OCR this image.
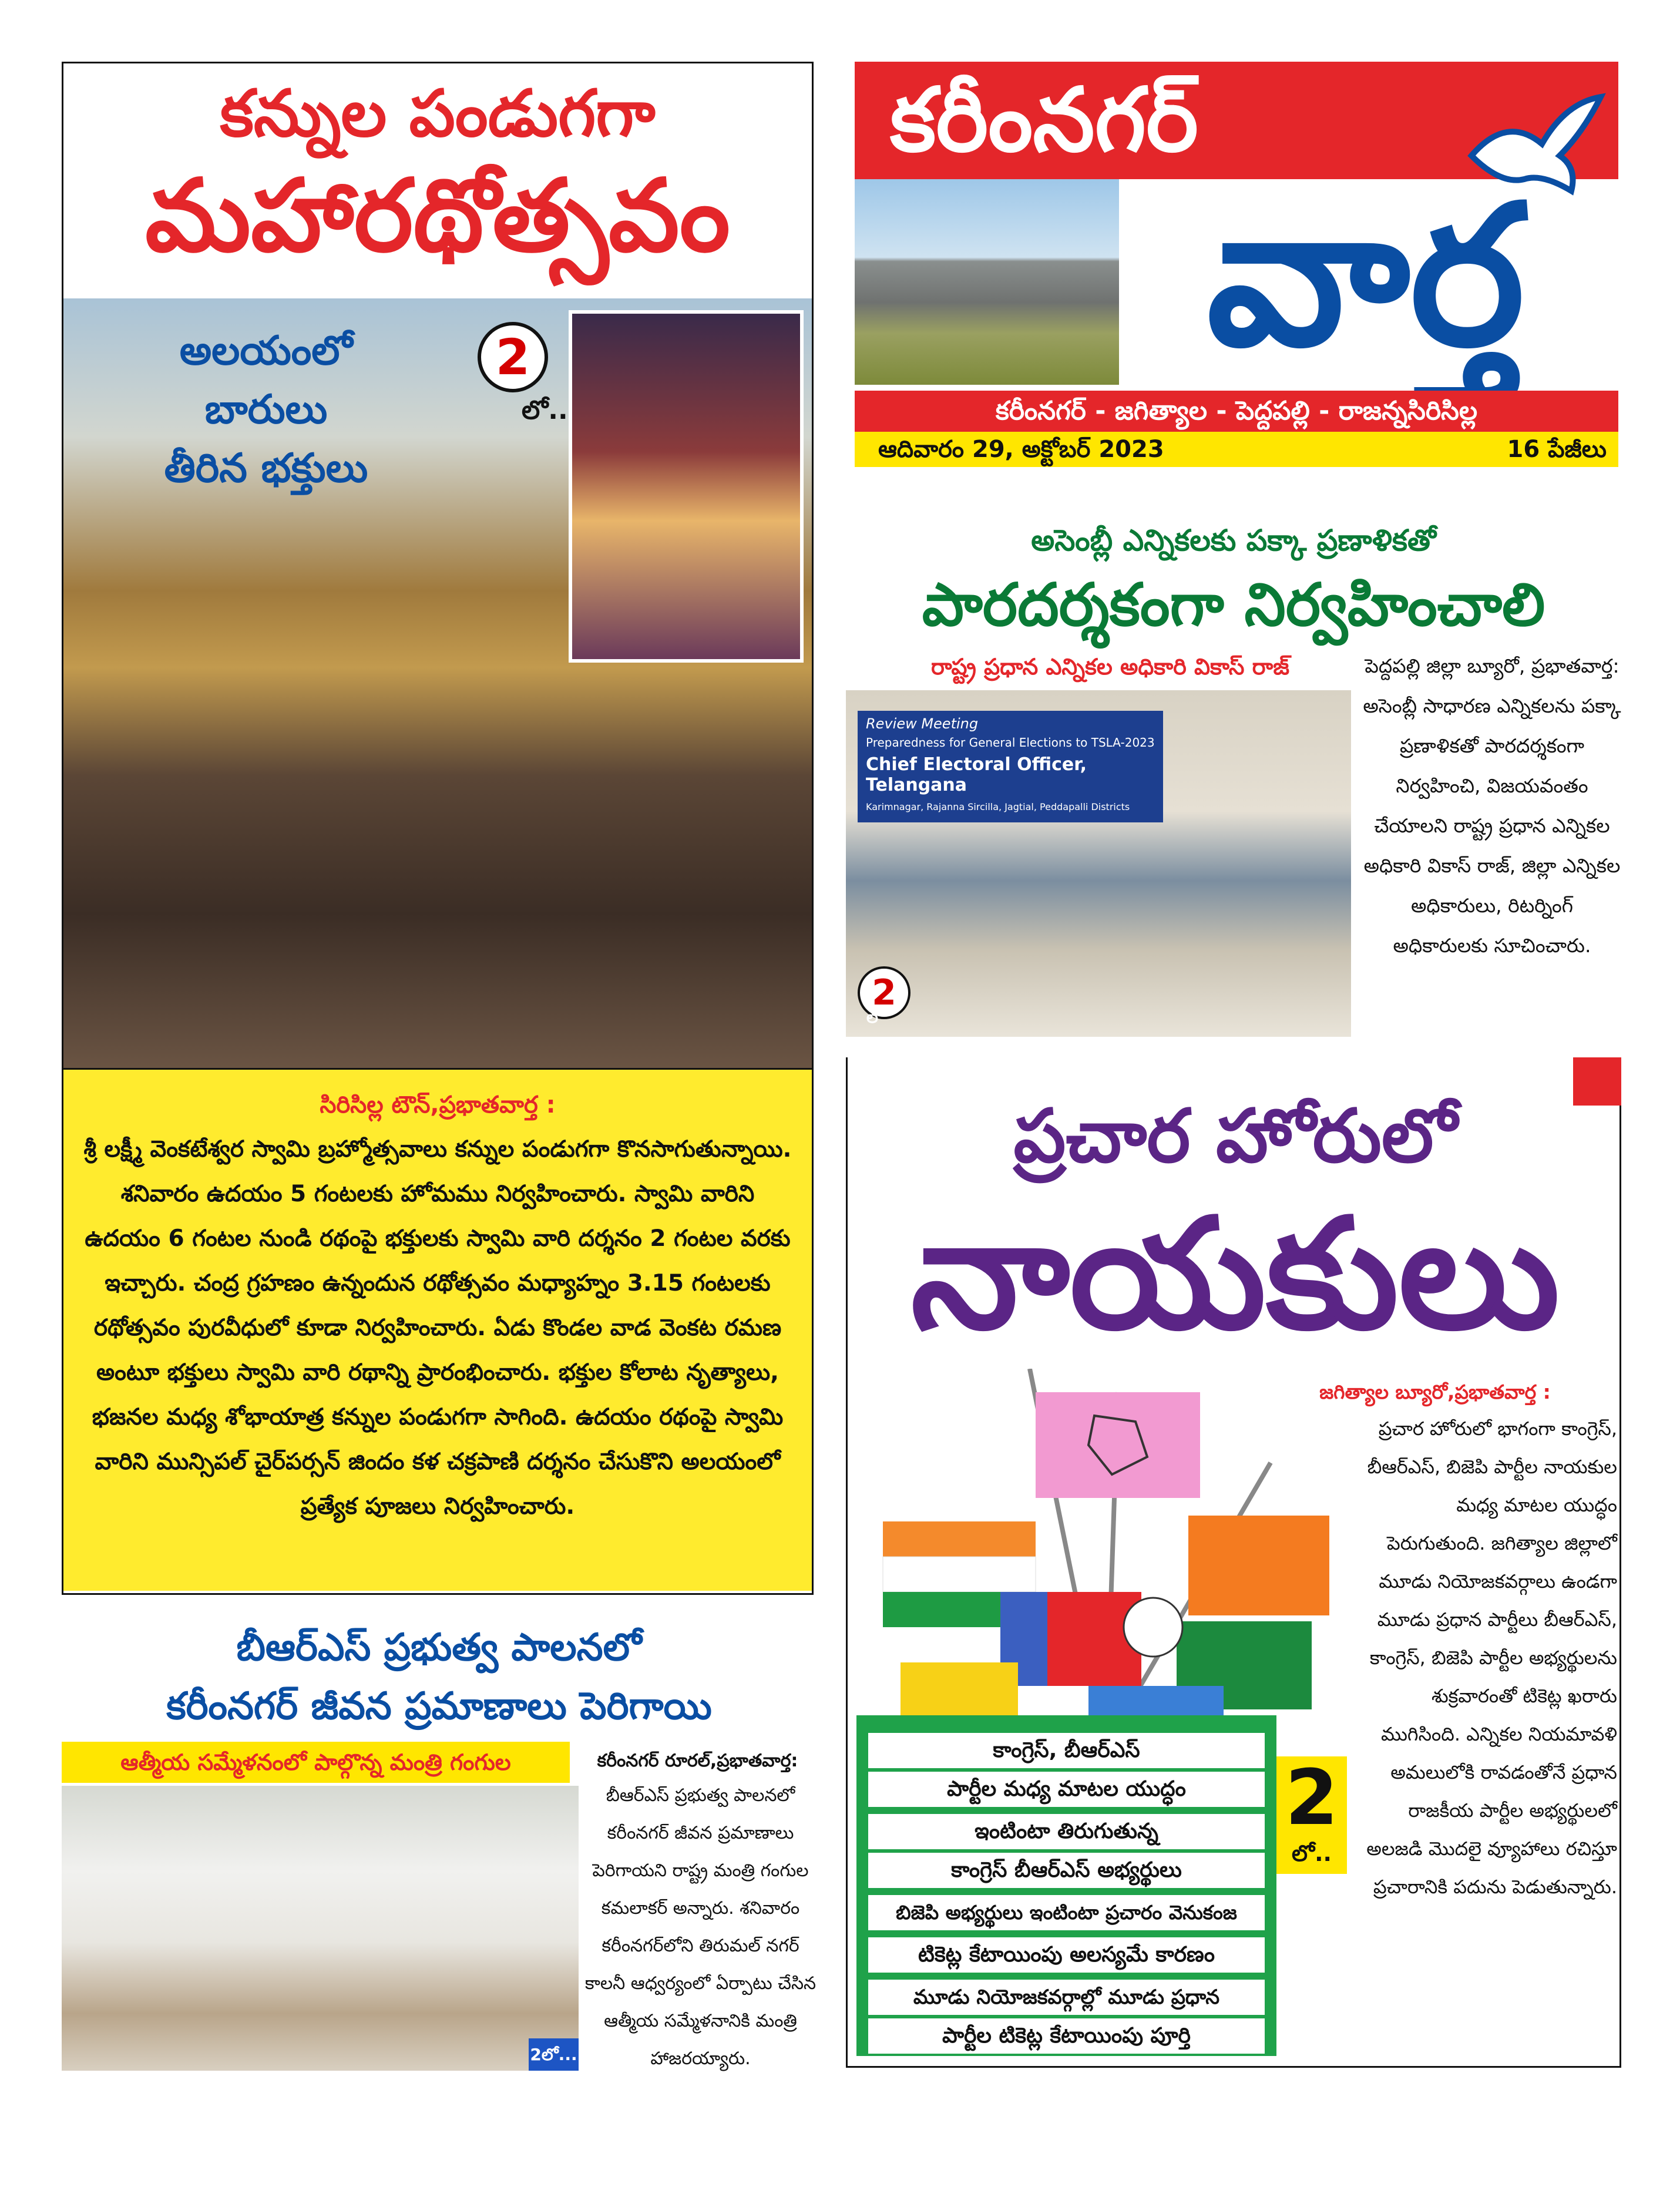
కరీంనగర్
వార్త
కరీంనగర్ - జగిత్యాల - పెద్దపల్లి - రాజన్నసిరిసిల్ల
ఆదివారం 29, అక్టోబర్ 2023	16 పేజీలు
కన్నుల పండుగగా
మహారథోత్సవం
అలయంలో బారులు తీరిన భక్తులు
2
లో..
సిరిసిల్ల టౌన్,ప్రభాతవార్త :
శ్రీ లక్ష్మీ వెంకటేశ్వర స్వామి బ్రహ్మోత్సవాలు కన్నుల పండుగగా కొనసాగుతున్నాయి. శనివారం ఉదయం 5 గంటలకు హోమము నిర్వహించారు. స్వామి వారిని ఉదయం 6 గంటల నుండి రథంపై భక్తులకు స్వామి వారి దర్శనం 2 గంటల వరకు ఇచ్చారు. చంద్ర గ్రహణం ఉన్నందున రథోత్సవం మధ్యాహ్నం 3.15 గంటలకు రథోత్సవం పురవీధులో కూడా నిర్వహించారు. ఏడు కొండల వాడ వెంకట రమణ అంటూ భక్తులు స్వామి వారి రథాన్ని ప్రారంభించారు. భక్తుల కోలాట నృత్యాలు, భజనల మధ్య శోభాయాత్ర కన్నుల పండుగగా సాగింది. ఉదయం రథంపై స్వామి వారిని మున్సిపల్ చైర్‌పర్సన్ జిందం కళ చక్రపాణి దర్శనం చేసుకొని అలయంలో ప్రత్యేక పూజలు నిర్వహించారు.
అసెంబ్లీ ఎన్నికలకు పక్కా ప్రణాళికతో
పారదర్శకంగా నిర్వహించాలి
రాష్ట్ర ప్రధాన ఎన్నికల అధికారి వికాస్ రాజ్
Review Meeting
Preparedness for General Elections to TSLA-2023
Chief Electoral Officer, Telangana
Karimnagar, Rajanna Sircilla, Jagtial, Peddapalli Districts
2
లో
పెద్దపల్లి జిల్లా బ్యూరో, ప్రభాతవార్త: అసెంబ్లీ సాధారణ ఎన్నికలను పక్కా ప్రణాళికతో పారదర్శకంగా నిర్వహించి, విజయవంతం చేయాలని రాష్ట్ర ప్రధాన ఎన్నికల అధికారి వికాస్ రాజ్, జిల్లా ఎన్నికల అధికారులు, రిటర్నింగ్ అధికారులకు సూచించారు.
ప్రచార హోరులో
నాయకులు
జగిత్యాల బ్యూరో,ప్రభాతవార్త :
ప్రచార హోరులో భాగంగా కాంగ్రెస్, బీఆర్ఎస్, బిజెపి పార్టీల నాయకుల మధ్య మాటల యుద్ధం పెరుగుతుంది. జగిత్యాల జిల్లాలో మూడు నియోజకవర్గాలు ఉండగా మూడు ప్రధాన పార్టీలు బీఆర్ఎస్, కాంగ్రెస్, బిజెపి పార్టీల అభ్యర్థులను శుక్రవారంతో టికెట్ల ఖరారు ముగిసింది. ఎన్నికల నియమావళి అమలులోకి రావడంతోనే ప్రధాన రాజకీయ పార్టీల అభ్యర్థులలో అలజడి మొదలై వ్యూహాలు రచిస్తూ ప్రచారానికి పదును పెడుతున్నారు.
కాంగ్రెస్, బీఆర్ఎస్
పార్టీల మధ్య మాటల యుద్ధం
ఇంటింటా తిరుగుతున్న
కాంగ్రెస్ బీఆర్ఎస్ అభ్యర్థులు
బిజెపి అభ్యర్థులు ఇంటింటా ప్రచారం వెనుకంజ
టికెట్ల కేటాయింపు అలస్యమే కారణం
మూడు నియోజకవర్గాల్లో మూడు ప్రధాన
పార్టీల టికెట్ల కేటాయింపు పూర్తి
2
లో..
బీఆర్ఎస్ ప్రభుత్వ పాలనలో
కరీంనగర్ జీవన ప్రమాణాలు పెరిగాయి
ఆత్మీయ సమ్మేళనంలో పాల్గొన్న మంత్రి గంగుల
2లో...
కరీంనగర్ రూరల్,ప్రభాతవార్త:
బీఆర్ఎస్ ప్రభుత్వ పాలనలో కరీంనగర్ జీవన ప్రమాణాలు పెరిగాయని రాష్ట్ర మంత్రి గంగుల కమలాకర్ అన్నారు. శనివారం కరీంనగర్‌లోని తిరుమల్ నగర్ కాలనీ ఆధ్వర్యంలో ఏర్పాటు చేసిన ఆత్మీయ సమ్మేళనానికి మంత్రి హాజరయ్యారు.
